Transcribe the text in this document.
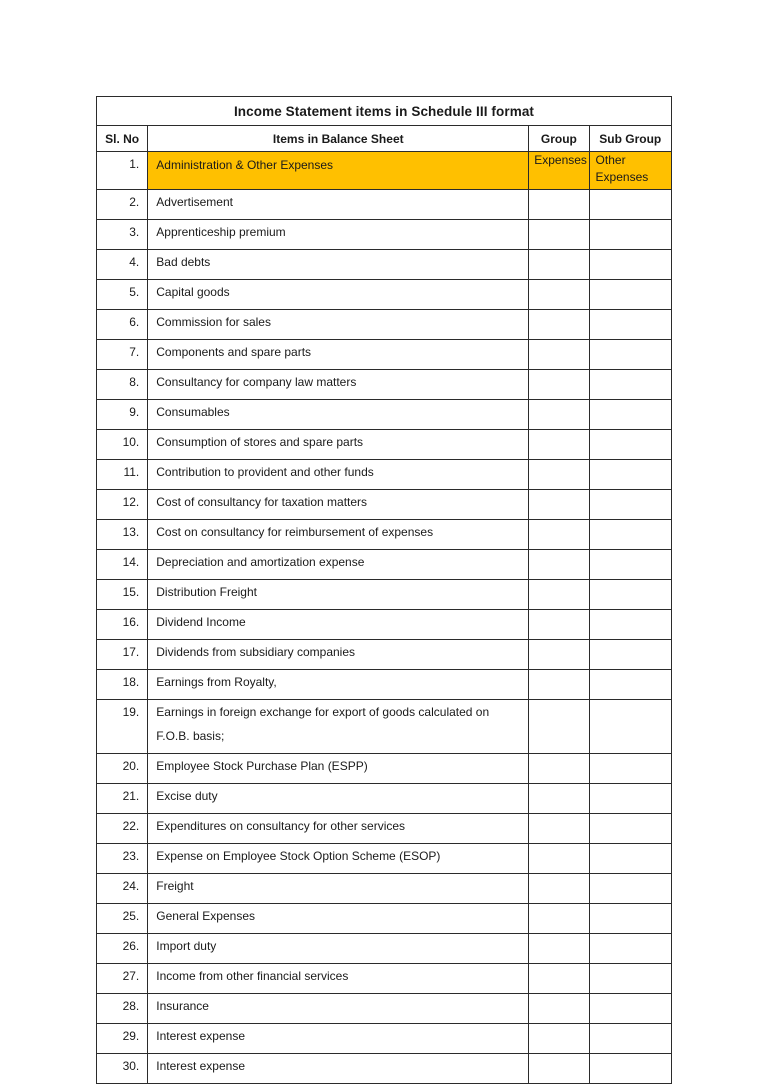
Income Statement items in Schedule III format			
Sl. No	Items in Balance Sheet	Group	Sub Group
1.	Administration & Other Expenses	Expenses	Other Expenses
2.	Advertisement		

3.	Apprenticeship premium		

4.	Bad debts		

5.	Capital goods		

6.	Commission for sales		

7.	Components and spare parts		

8.	Consultancy for company law matters		

9.	Consumables		

10.	Consumption of stores and spare parts		

11.	Contribution to provident and other funds		

12.	Cost of consultancy for taxation matters		

13.	Cost on consultancy for reimbursement of expenses		

14.	Depreciation and amortization expense		

15.	Distribution Freight		

16.	Dividend Income		

17.	Dividends from subsidiary companies		

18.	Earnings from Royalty,		

19.	Earnings in foreign exchange for export of goods calculated on F.O.B. basis;		

20.	Employee Stock Purchase Plan (ESPP)		

21.	Excise duty		

22.	Expenditures on consultancy for other services		

23.	Expense on Employee Stock Option Scheme (ESOP)		

24.	Freight		

25.	General Expenses		

26.	Import duty		

27.	Income from other financial services		

28.	Insurance		

29.	Interest expense		

30.	Interest expense		
